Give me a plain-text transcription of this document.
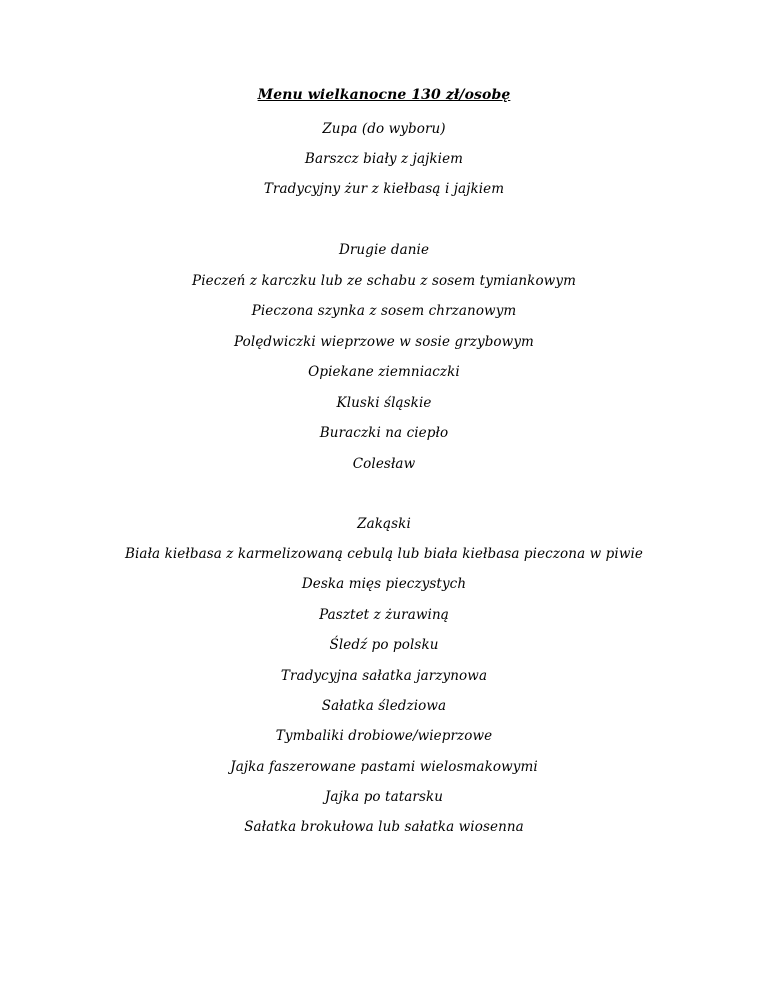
Menu wielkanocne 130 zł/osobę
Zupa (do wyboru)
Barszcz biały z jajkiem
Tradycyjny żur z kiełbasą i jajkiem
Drugie danie
Pieczeń z karczku lub ze schabu z sosem tymiankowym
Pieczona szynka z sosem chrzanowym
Polędwiczki wieprzowe w sosie grzybowym
Opiekane ziemniaczki
Kluski śląskie
Buraczki na ciepło
Colesław
Zakąski
Biała kiełbasa z karmelizowaną cebulą lub biała kiełbasa pieczona w piwie
Deska mięs pieczystych
Pasztet z żurawiną
Śledź po polsku
Tradycyjna sałatka jarzynowa
Sałatka śledziowa
Tymbaliki drobiowe/wieprzowe
Jajka faszerowane pastami wielosmakowymi
Jajka po tatarsku
Sałatka brokułowa lub sałatka wiosenna
